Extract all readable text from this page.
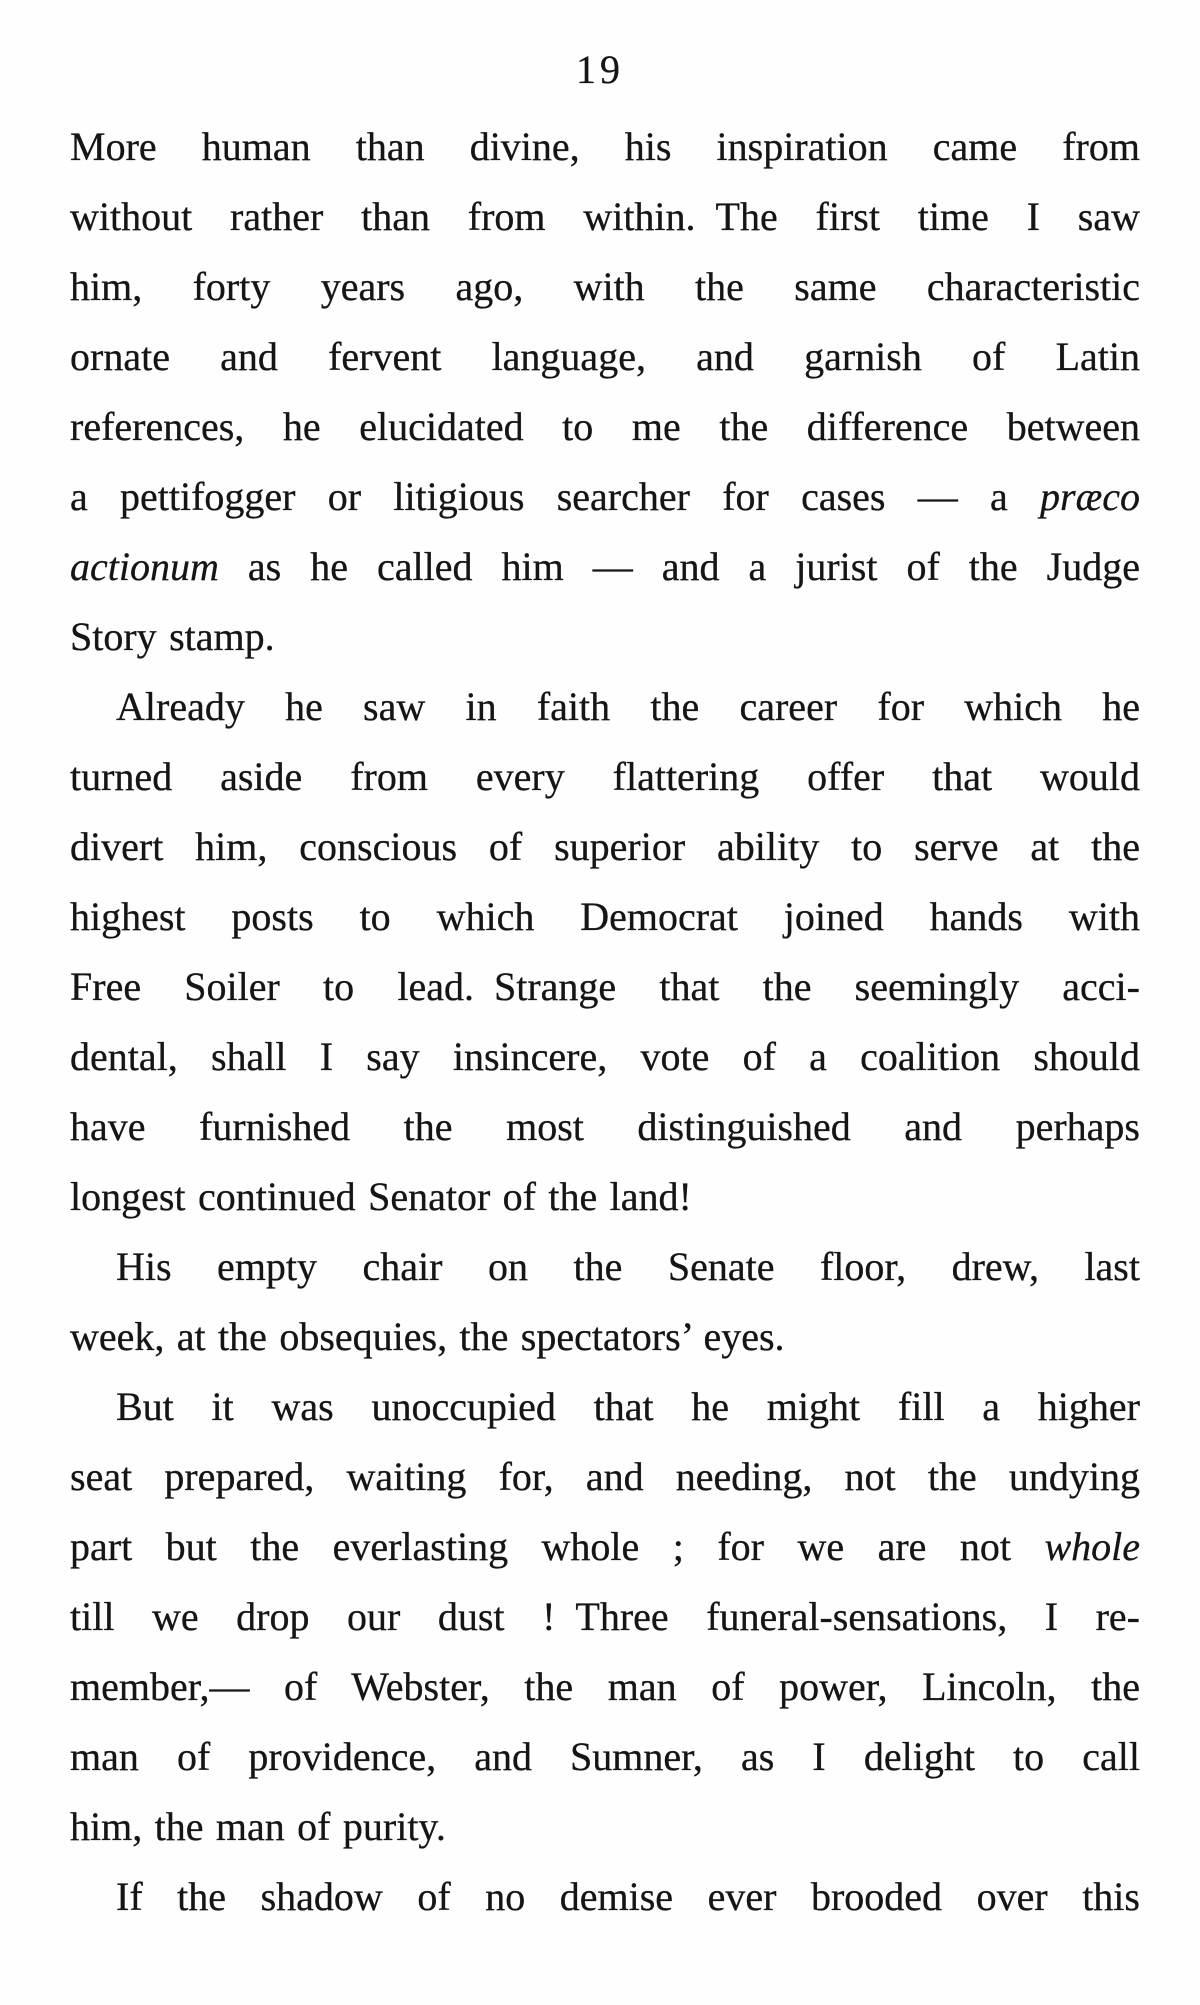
19
More human than divine, his inspiration came from
without rather than from within. The first time I saw
him, forty years ago, with the same characteristic
ornate and fervent language, and garnish of Latin
references, he elucidated to me the difference between
a pettifogger or litigious searcher for cases — a præco
actionum as he called him — and a jurist of the Judge
Story stamp.
Already he saw in faith the career for which he
turned aside from every flattering offer that would
divert him, conscious of superior ability to serve at the
highest posts to which Democrat joined hands with
Free Soiler to lead. Strange that the seemingly acci-
dental, shall I say insincere, vote of a coalition should
have furnished the most distinguished and perhaps
longest continued Senator of the land!
His empty chair on the Senate floor, drew, last
week, at the obsequies, the spectators’ eyes.
But it was unoccupied that he might fill a higher
seat prepared, waiting for, and needing, not the undying
part but the everlasting whole ; for we are not whole
till we drop our dust ! Three funeral-sensations, I re-
member,— of Webster, the man of power, Lincoln, the
man of providence, and Sumner, as I delight to call
him, the man of purity.
If the shadow of no demise ever brooded over this
